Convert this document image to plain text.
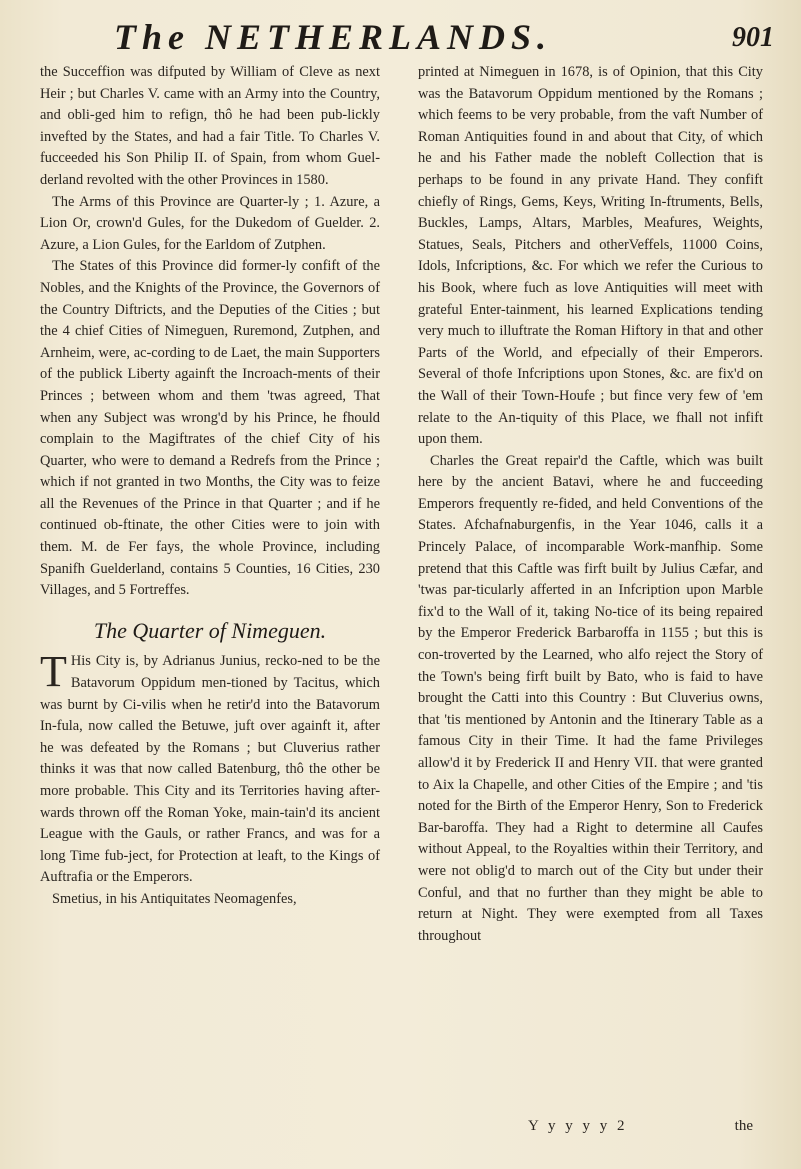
The NETHERLANDS.	901

the Succeffion was difputed by William of Cleve as next Heir ; but Charles V. came with an Army into the Country, and obli-ged him to refign, thô he had been pub-lickly invefted by the States, and had a fair Title. To Charles V. fucceeded his Son Philip II. of Spain, from whom Guel-derland revolted with the other Provinces in 1580.

The Arms of this Province are Quarter-ly ; 1. Azure, a Lion Or, crown'd Gules, for the Dukedom of Guelder. 2. Azure, a Lion Gules, for the Earldom of Zutphen.

The States of this Province did former-ly confift of the Nobles, and the Knights of the Province, the Governors of the Country Diftricts, and the Deputies of the Cities ; but the 4 chief Cities of Nimeguen, Ruremond, Zutphen, and Arnheim, were, ac-cording to de Laet, the main Supporters of the publick Liberty againft the Incroach-ments of their Princes ; between whom and them 'twas agreed, That when any Subject was wrong'd by his Prince, he fhould complain to the Magiftrates of the chief City of his Quarter, who were to demand a Redrefs from the Prince ; which if not granted in two Months, the City was to feize all the Revenues of the Prince in that Quarter ; and if he continued ob-ftinate, the other Cities were to join with them. M. de Fer fays, the whole Province, including Spanifh Guelderland, contains 5 Counties, 16 Cities, 230 Villages, and 5 Fortreffes.

The Quarter of Nimeguen.

T His City is, by Adrianus Junius, recko-ned to be the Batavorum Oppidum men-tioned by Tacitus, which was burnt by Ci-vilis when he retir'd into the Batavorum In-fula, now called the Betuwe, juft over againft it, after he was defeated by the Romans ; but Cluverius rather thinks it was that now called Batenburg, thô the other be more probable. This City and its Territories having after-wards thrown off the Roman Yoke, main-tain'd its ancient League with the Gauls, or rather Francs, and was for a long Time fub-ject, for Protection at leaft, to the Kings of Auftrafia or the Emperors.

Smetius, in his Antiquitates Neomagenfes,

printed at Nimeguen in 1678, is of Opinion, that this City was the Batavorum Oppidum mentioned by the Romans ; which feems to be very probable, from the vaft Number of Roman Antiquities found in and about that City, of which he and his Father made the nobleft Collection that is perhaps to be found in any private Hand. They confift chiefly of Rings, Gems, Keys, Writing In-ftruments, Bells, Buckles, Lamps, Altars, Marbles, Meafures, Weights, Statues, Seals, Pitchers and otherVeffels, 11000 Coins, Idols, Infcriptions, &c. For which we refer the Curious to his Book, where fuch as love Antiquities will meet with grateful Enter-tainment, his learned Explications tending very much to illuftrate the Roman Hiftory in that and other Parts of the World, and efpecially of their Emperors. Several of thofe Infcriptions upon Stones, &c. are fix'd on the Wall of their Town-Houfe ; but fince very few of 'em relate to the An-tiquity of this Place, we fhall not infift upon them.

Charles the Great repair'd the Caftle, which was built here by the ancient Batavi, where he and fucceeding Emperors frequently re-fided, and held Conventions of the States. Afchafnaburgenfis, in the Year 1046, calls it a Princely Palace, of incomparable Work-manfhip. Some pretend that this Caftle was firft built by Julius Cæfar, and 'twas par-ticularly afferted in an Infcription upon Marble fix'd to the Wall of it, taking No-tice of its being repaired by the Emperor Frederick Barbaroffa in 1155 ; but this is con-troverted by the Learned, who alfo reject the Story of the Town's being firft built by Bato, who is faid to have brought the Catti into this Country : But Cluverius owns, that 'tis mentioned by Antonin and the Itinerary Table as a famous City in their Time. It had the fame Privileges allow'd it by Frederick II and Henry VII. that were granted to Aix la Chapelle, and other Cities of the Empire ; and 'tis noted for the Birth of the Emperor Henry, Son to Frederick Bar-baroffa. They had a Right to determine all Caufes without Appeal, to the Royalties within their Territory, and were not oblig'd to march out of the City but under their Conful, and that no further than they might be able to return at Night. They were exempted from all Taxes throughout

Y y y y y 2	the
